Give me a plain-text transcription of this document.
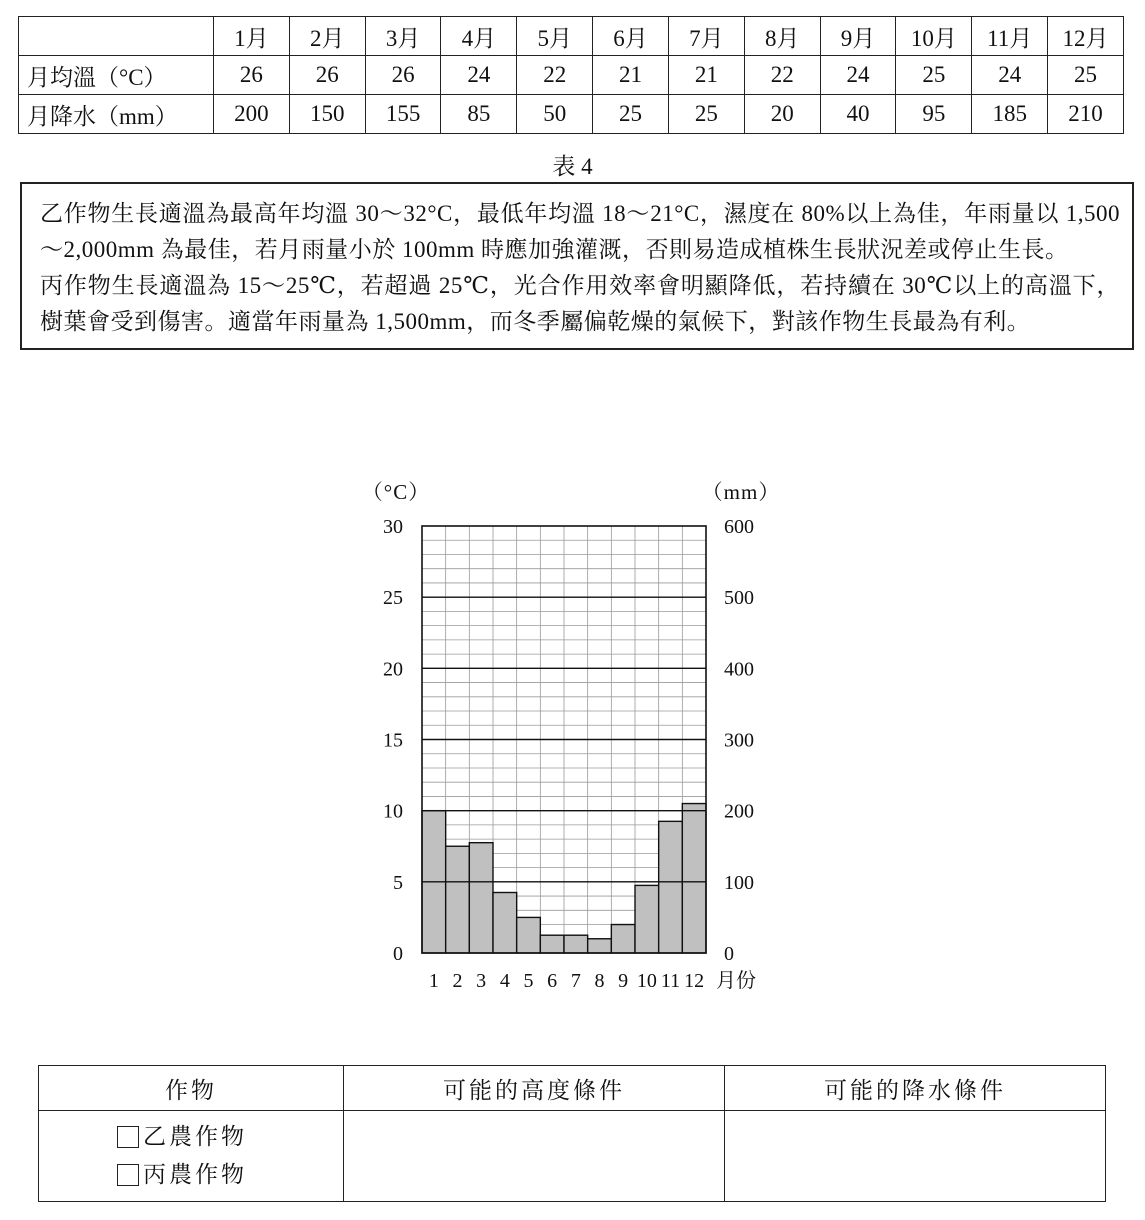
	1月	2月	3月	4月	5月	6月	7月	8月	9月	10月	11月	12月
月均溫（°C）	26	26	26	24	22	21	21	22	24	25	24	25
月降水（mm）	200	150	155	85	50	25	25	20	40	95	185	210
表 4

乙作物生長適溫為最高年均溫 30～32°C，最低年均溫 18～21°C，濕度在 80%以上為佳，年雨量以 1,500～2,000mm 為最佳，若月雨量小於 100mm 時應加強灌溉，否則易造成植株生長狀況差或停止生長。

丙作物生長適溫為 15～25℃，若超過 25℃，光合作用效率會明顯降低，若持續在 30℃以上的高溫下，樹葉會受到傷害。適當年雨量為 1,500mm，而冬季屬偏乾燥的氣候下，對該作物生長最為有利。

0
5
10
15
20
25
30
0
100
200
300
400
500
600
（°C）	（mm）
1 2 3 4 5 6 7 8 9 10 11 12 月份
作物	可能的高度條件	可能的降水條件

乙農作物
丙農作物		
